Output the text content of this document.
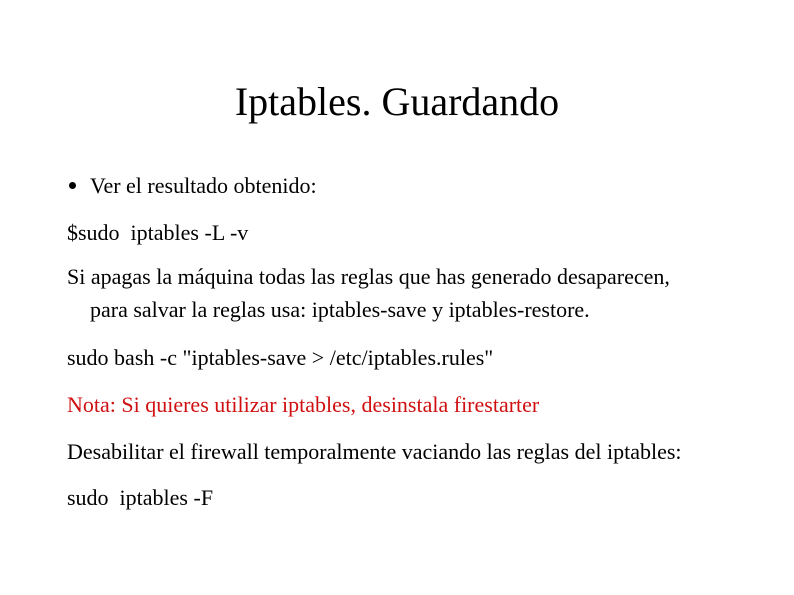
Iptables. Guardando
Ver el resultado obtenido:
$sudo  iptables -L -v
Si apagas la máquina todas las reglas que has generado desaparecen,
para salvar la reglas usa: iptables-save y iptables-restore.
sudo bash -c "iptables-save > /etc/iptables.rules"
Nota: Si quieres utilizar iptables, desinstala firestarter
Desabilitar el firewall temporalmente vaciando las reglas del iptables:
sudo  iptables -F
